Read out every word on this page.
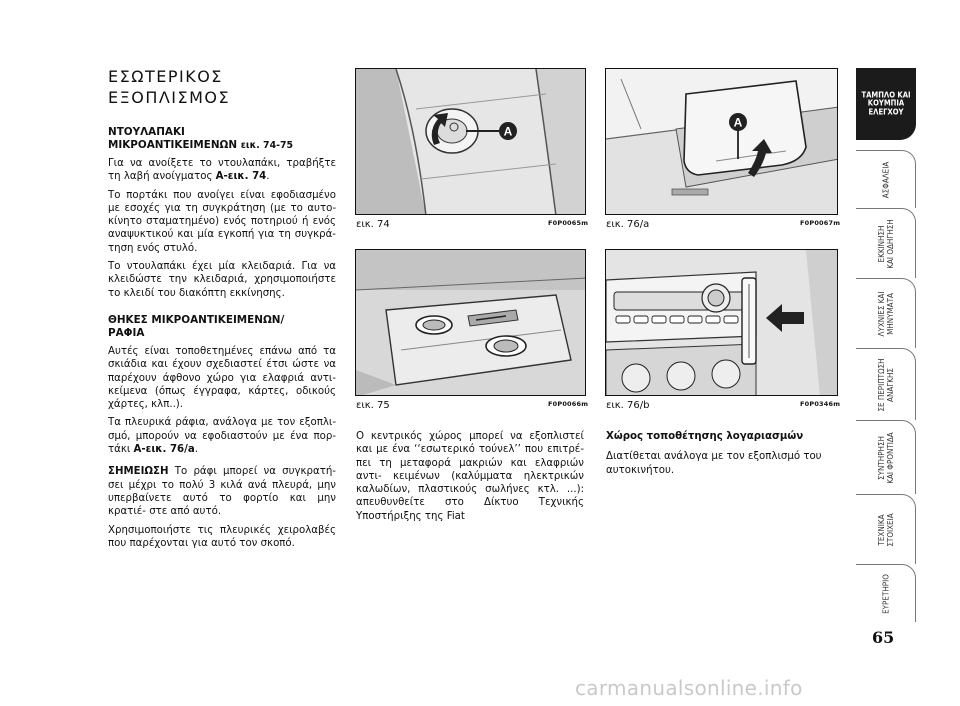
ΕΣΩΤΕΡΙΚΟΣ
ΕΞΟΠΛΙΣΜΟΣ
ΝΤΟΥΛΑΠΑΚΙ
ΜΙΚΡΟΑΝΤΙΚΕΙΜΕΝΩΝ εικ. 74-75

Για να ανοίξετε το ντουλαπάκι, τραβήξτε τη λαβή ανοίγματος A-εικ. 74.

Το πορτάκι που ανοίγει είναι εφοδιασμένο με εσοχές για τη συγκράτηση (με το αυτο- κίνητο σταματημένο) ενός ποτηριού ή ενός αναψυκτικού και μία εγκοπή για τη συγκρά- τηση ενός στυλό.

Το ντουλαπάκι έχει μία κλειδαριά. Για να κλειδώστε την κλειδαριά, χρησιμοποιήστε το κλειδί του διακόπτη εκκίνησης.

ΘΗΚΕΣ ΜΙΚΡΟΑΝΤΙΚΕΙΜΕΝΩΝ/
ΡΑΦΙΑ

Αυτές είναι τοποθετημένες επάνω από τα σκιάδια και έχουν σχεδιαστεί έτσι ώστε να παρέχουν άφθονο χώρο για ελαφριά αντι- κείμενα (όπως έγγραφα, κάρτες, οδικούς χάρτες, κλπ..).

Τα πλευρικά ράφια, ανάλογα με τον εξοπλι- σμό, μπορούν να εφοδιαστούν με ένα πορ- τάκι A-εικ. 76/a.

ΣΗΜΕΙΩΣΗ Το ράφι μπορεί να συγκρατή- σει μέχρι το πολύ 3 κιλά ανά πλευρά, μην υπερβαίνετε αυτό το φορτίο και μην κρατιέ- στε από αυτό.

Χρησιμοποιήστε τις πλευρικές χειρολαβές που παρέχονται για αυτό τον σκοπό.

A
εικ. 74	F0P0065m
A
εικ. 76/a	F0P0067m
εικ. 75	F0P0066m εικ. 76/b	F0P0346m

Ο κεντρικός χώρος μπορεί να εξοπλιστεί και με ένα ‘‘εσωτερικό τούνελ’’ που επιτρέ- πει τη μεταφορά μακριών και ελαφριών αντι- κειμένων (καλύμματα ηλεκτρικών καλωδίων, πλαστικούς σωλήνες κτλ. ...): απευθυνθείτε στο Δίκτυο Τεχνικής Υποστήριξης της Fiat

Χώρος τοποθέτησης λογαριασμών

Διατίθεται ανάλογα με τον εξοπλισμό του αυτοκινήτου.

ΤΑΜΠΛΟ ΚΑΙ
ΚΟΥΜΠΙΑ
ΕΛΕΓΧΟΥ
ΑΣΦΑΛΕΙΑ
ΕΚΚΙΝΗΣΗ ΚΑΙ ΟΔΗΓΗΣΗ
ΛΥΧΝΙΕΣ ΚΑΙ ΜΗΝΥΜΑΤΑ
ΣΕ ΠΕΡΙΠΤΩΣΗ ΑΝΑΓΚΗΣ
ΣΥΝΤΗΡΗΣΗ ΚΑΙ ΦΡΟΝΤΙΔΑ
ΤΕΧΝΙΚΑ ΣΤΟΙΧΕΙΑ
ΕΥΡΕΤΗΡΙΟ
65
carmanualsonline.info
